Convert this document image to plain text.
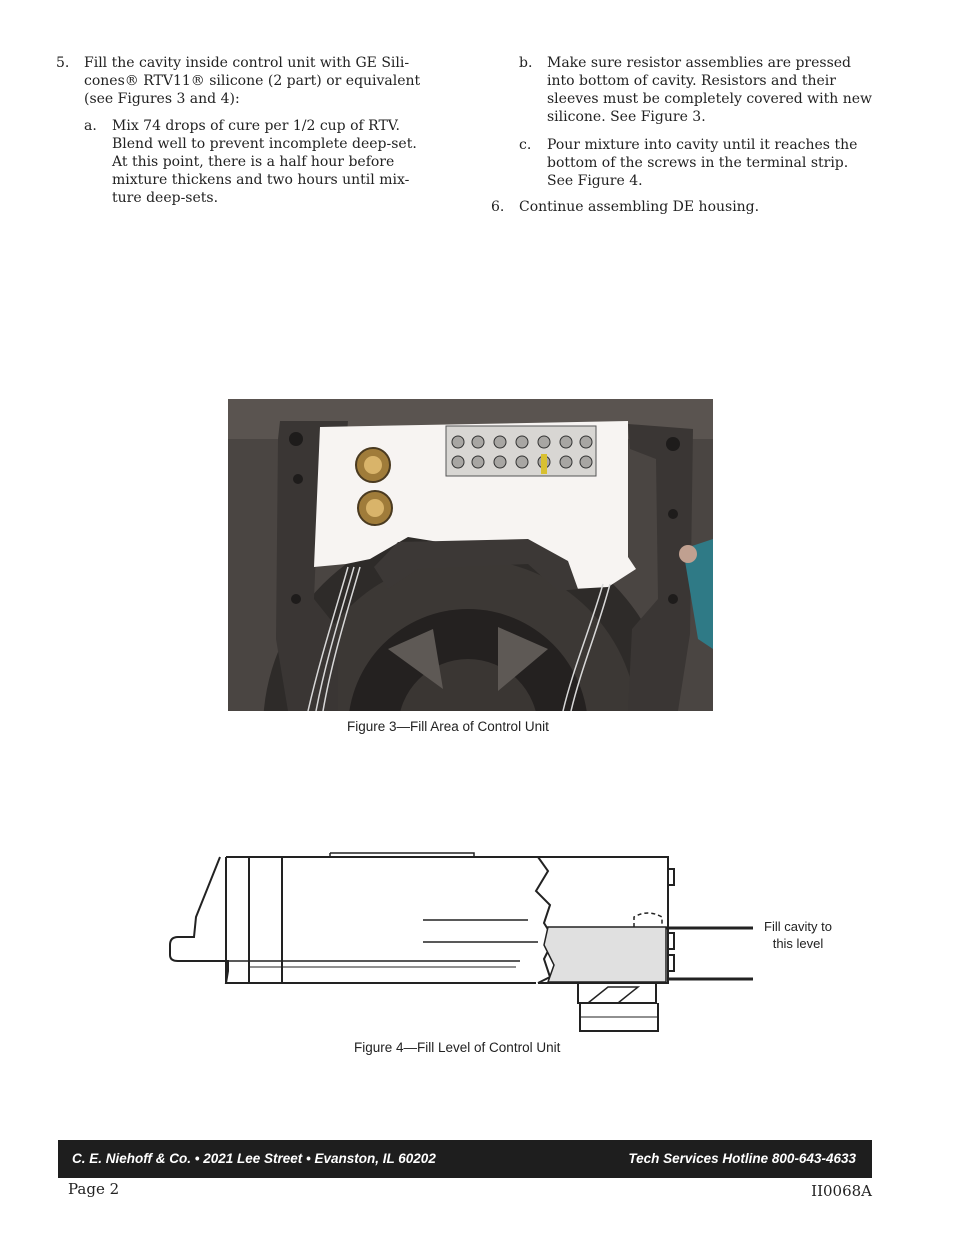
5. Fill the cavity inside control unit with GE Sili-
cones® RTV11® silicone (2 part) or equivalent
(see Figures 3 and 4):
a. Mix 74 drops of cure per 1/2 cup of RTV.
Blend well to prevent incomplete deep-set.
At this point, there is a half hour before
mixture thickens and two hours until mix-
ture deep-sets.
b. Make sure resistor assemblies are pressed
into bottom of cavity. Resistors and their
sleeves must be completely covered with new
silicone. See Figure 3.
c. Pour mixture into cavity until it reaches the
bottom of the screws in the terminal strip.
See Figure 4.
6. Continue assembling DE housing.
Figure 3—Fill Area of Control Unit
Fill cavity to
this level
Figure 4—Fill Level of Control Unit
C. E. Niehoff & Co. • 2021 Lee Street • Evanston, IL 60202	Tech Services Hotline 800-643-4633
Page 2	II0068A
